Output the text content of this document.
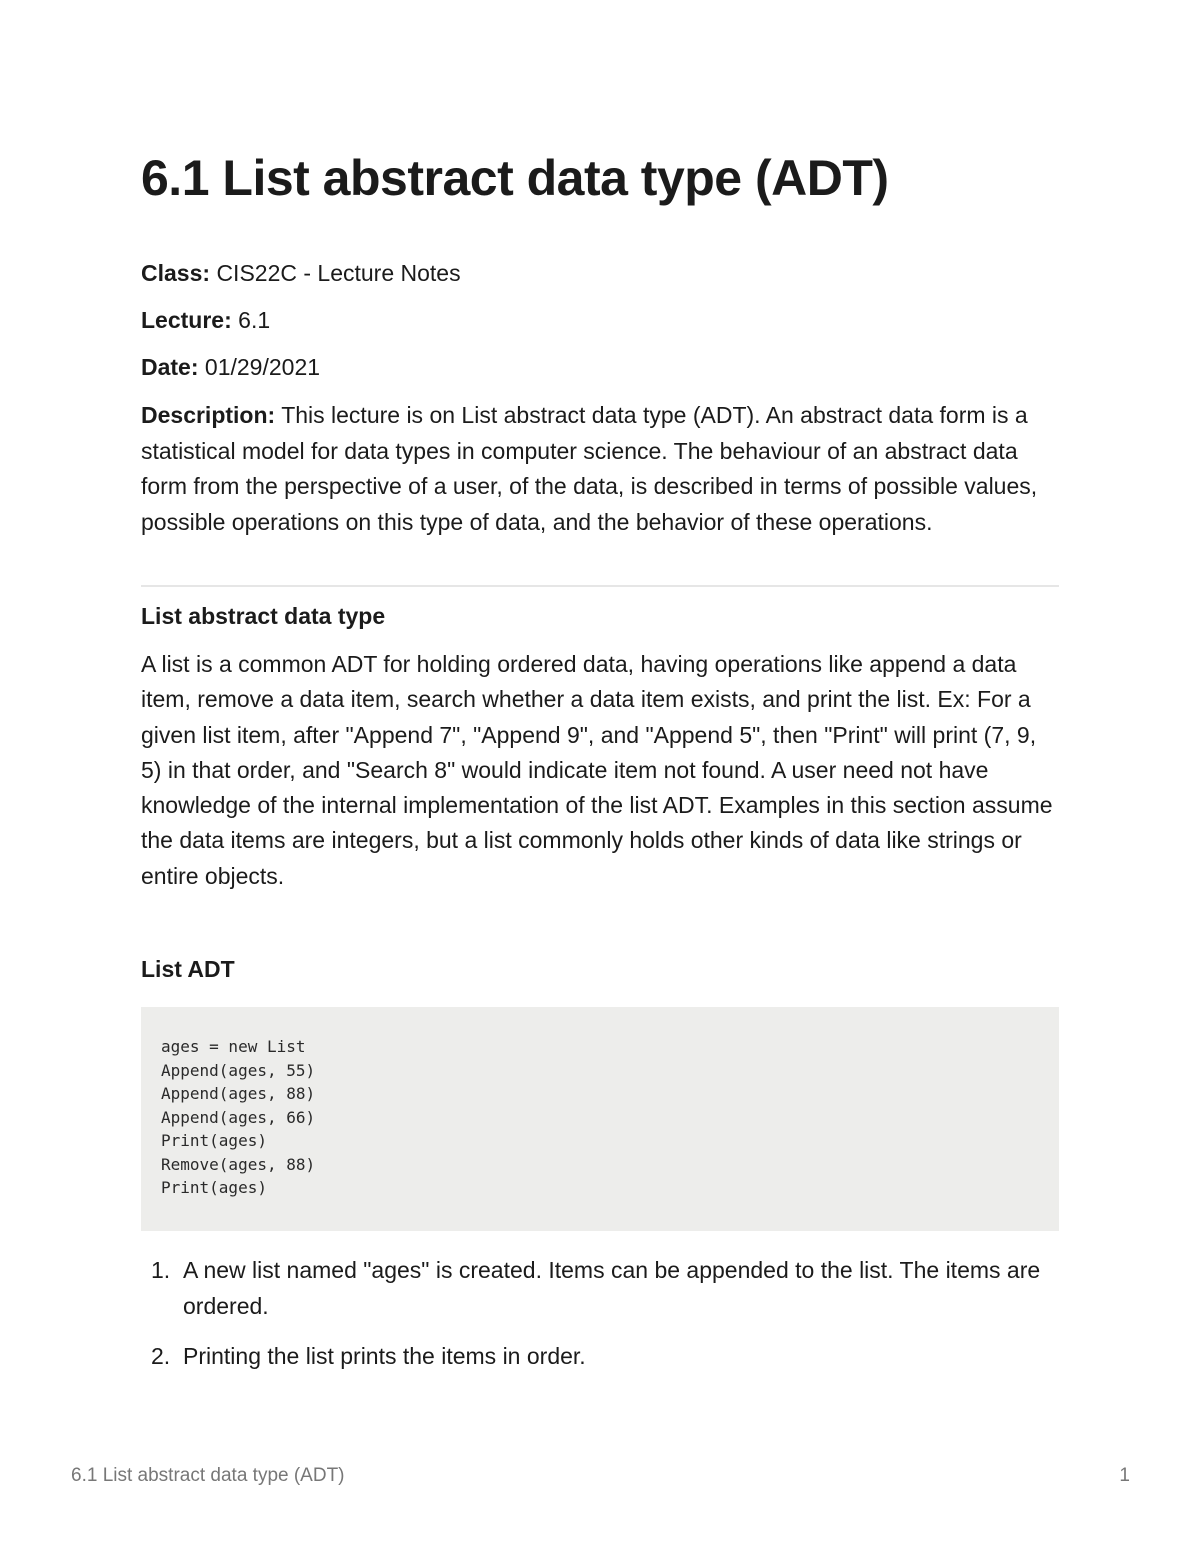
6.1 List abstract data type (ADT)

Class: CIS22C - Lecture Notes

Lecture: 6.1

Date: 01/29/2021

Description: This lecture is on List abstract data type (ADT). An abstract data form is a statistical model for data types in computer science. The behaviour of an abstract data form from the perspective of a user, of the data, is described in terms of possible values, possible operations on this type of data, and the behavior of these operations.

List abstract data type

A list is a common ADT for holding ordered data, having operations like append a data item, remove a data item, search whether a data item exists, and print the list. Ex: For a given list item, after "Append 7", "Append 9", and "Append 5", then "Print" will print (7, 9, 5) in that order, and "Search 8" would indicate item not found. A user need not have knowledge of the internal implementation of the list ADT. Examples in this section assume the data items are integers, but a list commonly holds other kinds of data like strings or entire objects.

List ADT
ages = new List
Append(ages, 55)
Append(ages, 88)
Append(ages, 66)
Print(ages)
Remove(ages, 88)
Print(ages)
1. A new list named "ages" is created. Items can be appended to the list. The items are ordered.
2. Printing the list prints the items in order.
6.1 List abstract data type (ADT)	1
